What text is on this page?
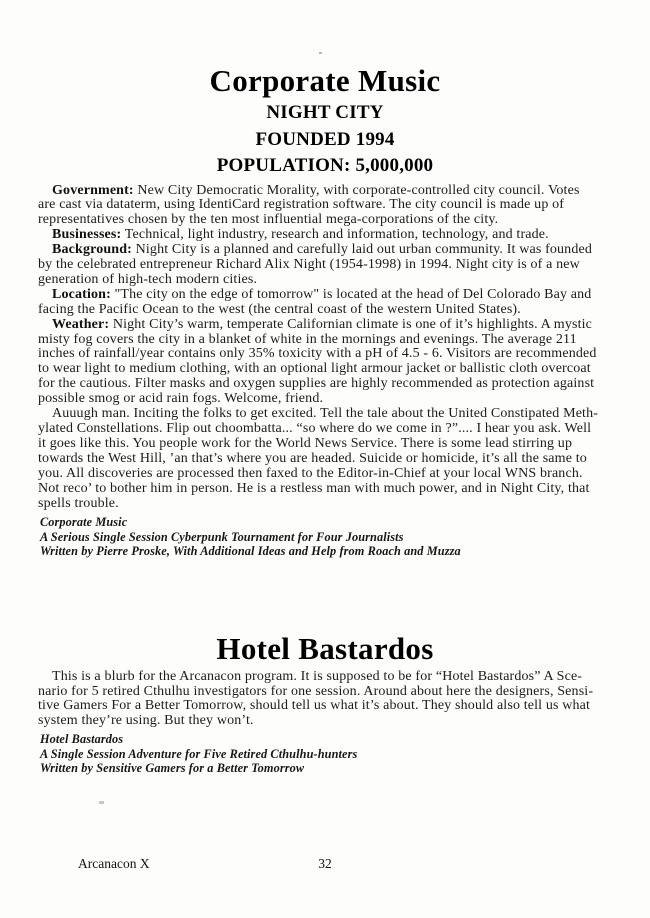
Corporate Music
NIGHT CITY
FOUNDED 1994
POPULATION: 5,000,000
Government: New City Democratic Morality, with corporate-controlled city council. Votes
are cast via dataterm, using IdentiCard registration software. The city council is made up of
representatives chosen by the ten most influential mega-corporations of the city.
Businesses: Technical, light industry, research and information, technology, and trade.
Background: Night City is a planned and carefully laid out urban community. It was founded
by the celebrated entrepreneur Richard Alix Night (1954-1998) in 1994. Night city is of a new
generation of high-tech modern cities.
Location: "The city on the edge of tomorrow" is located at the head of Del Colorado Bay and
facing the Pacific Ocean to the west (the central coast of the western United States).
Weather: Night City’s warm, temperate Californian climate is one of it’s highlights. A mystic
misty fog covers the city in a blanket of white in the mornings and evenings. The average 211
inches of rainfall/year contains only 35% toxicity with a pH of 4.5 - 6. Visitors are recommended
to wear light to medium clothing, with an optional light armour jacket or ballistic cloth overcoat
for the cautious. Filter masks and oxygen supplies are highly recommended as protection against
possible smog or acid rain fogs. Welcome, friend.
Auuugh man. Inciting the folks to get excited. Tell the tale about the United Constipated Meth-
ylated Constellations. Flip out choombatta... “so where do we come in ?”.... I hear you ask. Well
it goes like this. You people work for the World News Service. There is some lead stirring up
towards the West Hill, ’an that’s where you are headed. Suicide or homicide, it’s all the same to
you. All discoveries are processed then faxed to the Editor-in-Chief at your local WNS branch.
Not reco’ to bother him in person. He is a restless man with much power, and in Night City, that
spells trouble.
Corporate Music
A Serious Single Session Cyberpunk Tournament for Four Journalists
Written by Pierre Proske, With Additional Ideas and Help from Roach and Muzza
Hotel Bastardos
This is a blurb for the Arcanacon program. It is supposed to be for “Hotel Bastardos” A Sce-
nario for 5 retired Cthulhu investigators for one session. Around about here the designers, Sensi-
tive Gamers For a Better Tomorrow, should tell us what it’s about. They should also tell us what
system they’re using. But they won’t.
Hotel Bastardos
A Single Session Adventure for Five Retired Cthulhu-hunters
Written by Sensitive Gamers for a Better Tomorrow
Arcanacon X	32
